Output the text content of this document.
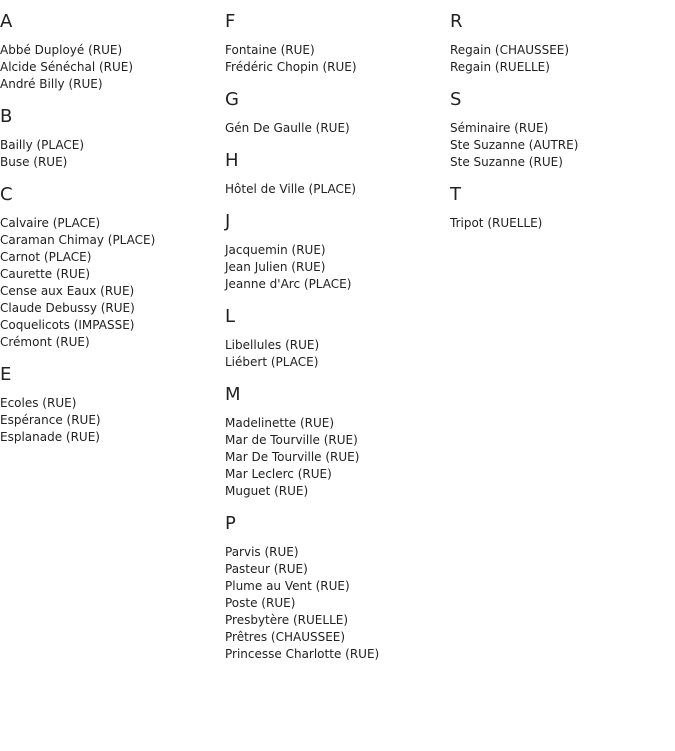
A
Abbé Duployé (RUE)
Alcide Sénéchal (RUE)
André Billy (RUE)
B
Bailly (PLACE)
Buse (RUE)
C
Calvaire (PLACE)
Caraman Chimay (PLACE)
Carnot (PLACE)
Caurette (RUE)
Cense aux Eaux (RUE)
Claude Debussy (RUE)
Coquelicots (IMPASSE)
Crémont (RUE)
E
Ecoles (RUE)
Espérance (RUE)
Esplanade (RUE)
F
Fontaine (RUE)
Frédéric Chopin (RUE)
G
Gén De Gaulle (RUE)
H
Hôtel de Ville (PLACE)
J
Jacquemin (RUE)
Jean Julien (RUE)
Jeanne d'Arc (PLACE)
L
Libellules (RUE)
Liébert (PLACE)
M
Madelinette (RUE)
Mar de Tourville (RUE)
Mar De Tourville (RUE)
Mar Leclerc (RUE)
Muguet (RUE)
P
Parvis (RUE)
Pasteur (RUE)
Plume au Vent (RUE)
Poste (RUE)
Presbytère (RUELLE)
Prêtres (CHAUSSEE)
Princesse Charlotte (RUE)
R
Regain (CHAUSSEE)
Regain (RUELLE)
S
Séminaire (RUE)
Ste Suzanne (AUTRE)
Ste Suzanne (RUE)
T
Tripot (RUELLE)
